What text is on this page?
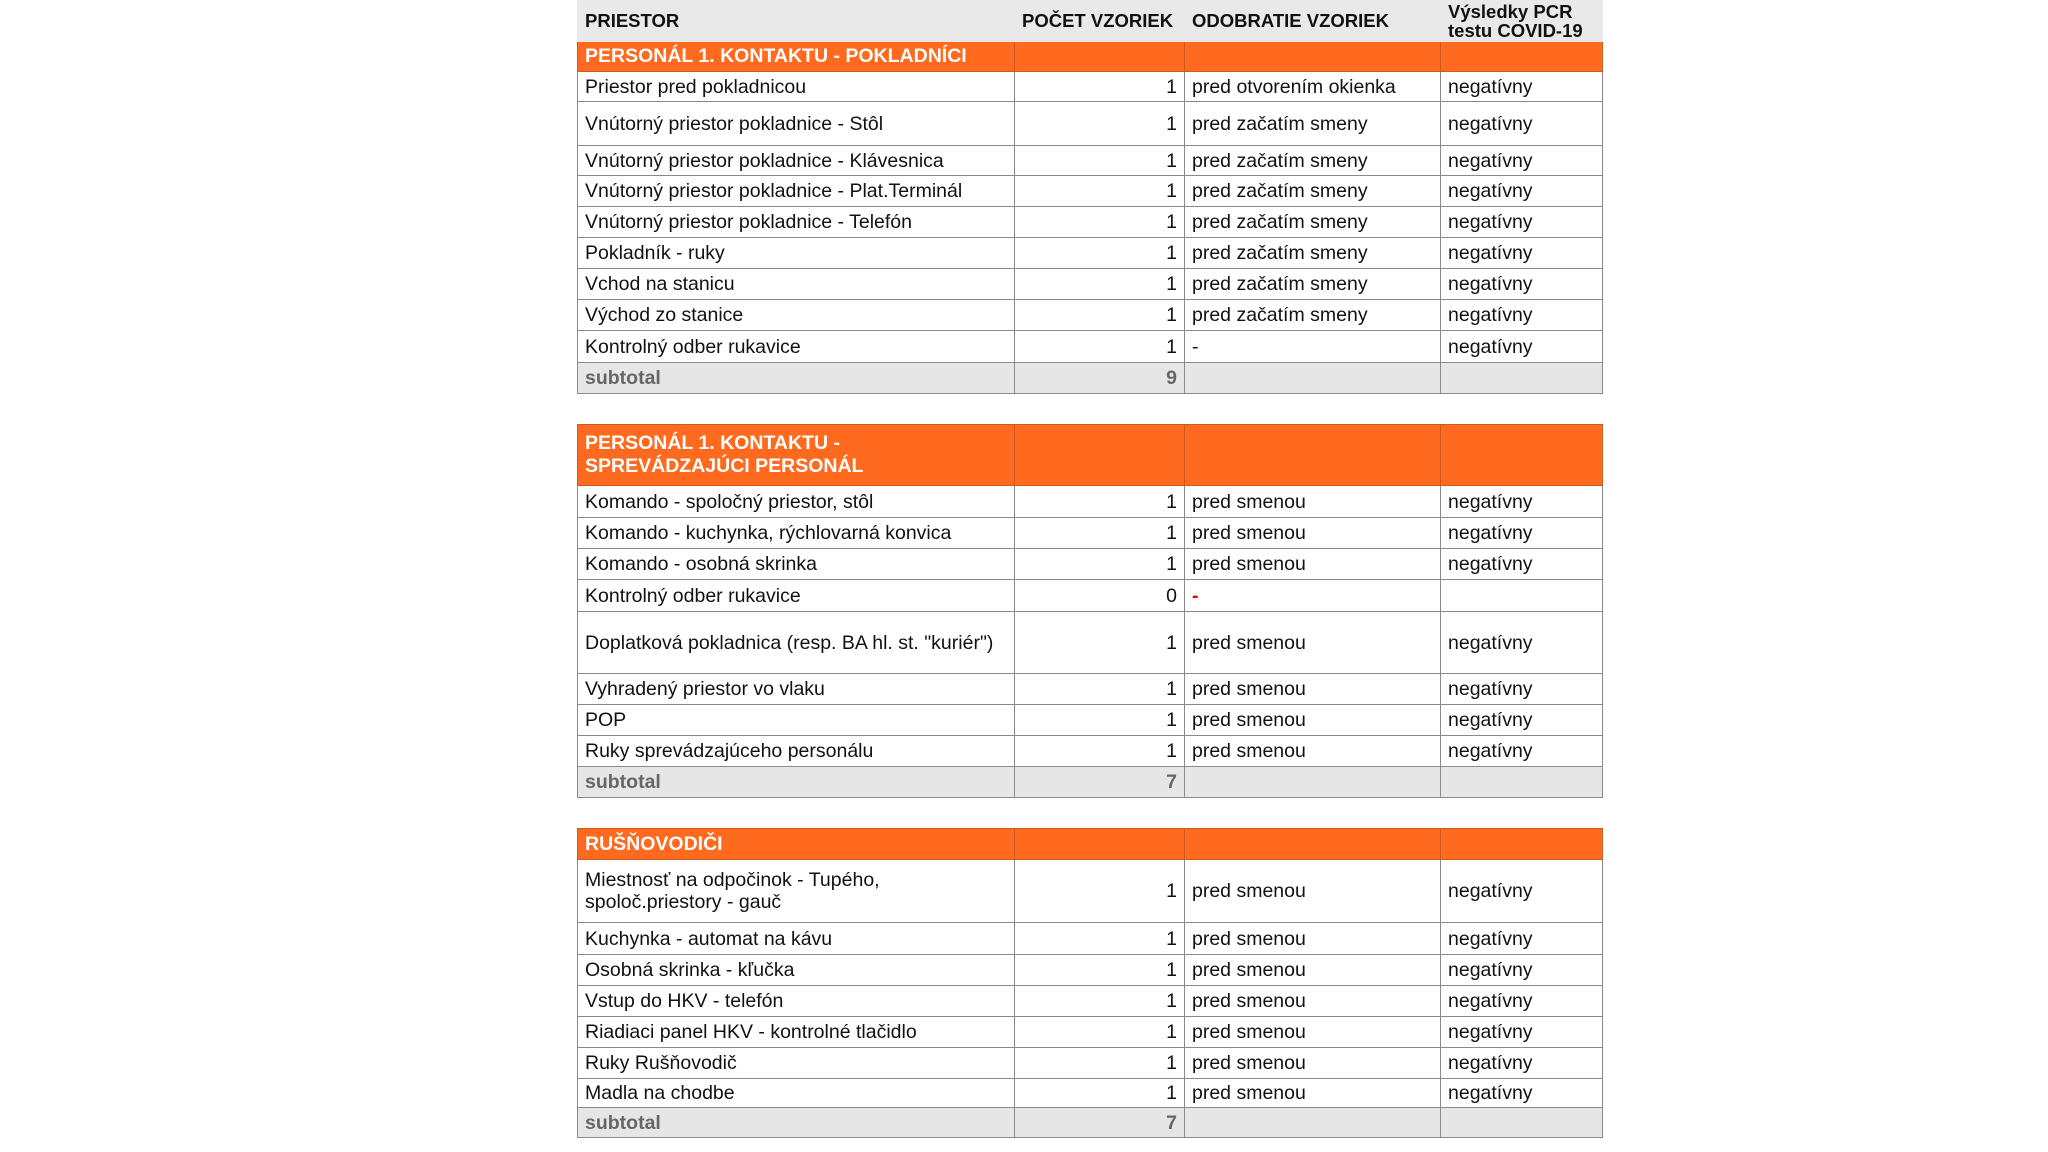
PRIESTOR	POČET VZORIEK	ODOBRATIE VZORIEK	Výsledky PCR
testu COVID-19
PERSONÁL 1. KONTAKTU - POKLADNÍCI			
Priestor pred pokladnicou	1	pred otvorením okienka	negatívny
Vnútorný priestor pokladnice - Stôl	1	pred začatím smeny	negatívny
Vnútorný priestor pokladnice - Klávesnica	1	pred začatím smeny	negatívny
Vnútorný priestor pokladnice - Plat.Terminál	1	pred začatím smeny	negatívny
Vnútorný priestor pokladnice - Telefón	1	pred začatím smeny	negatívny
Pokladník - ruky	1	pred začatím smeny	negatívny
Vchod na stanicu	1	pred začatím smeny	negatívny
Východ zo stanice	1	pred začatím smeny	negatívny
Kontrolný odber rukavice	1	-	negatívny
subtotal	9		

PERSONÁL 1. KONTAKTU -
SPREVÁDZAJÚCI PERSONÁL			
Komando - spoločný priestor, stôl	1	pred smenou	negatívny
Komando - kuchynka, rýchlovarná konvica	1	pred smenou	negatívny
Komando - osobná skrinka	1	pred smenou	negatívny
Kontrolný odber rukavice	0	-	
Doplatková pokladnica (resp. BA hl. st. "kuriér")	1	pred smenou	negatívny
Vyhradený priestor vo vlaku	1	pred smenou	negatívny
POP	1	pred smenou	negatívny
Ruky sprevádzajúceho personálu	1	pred smenou	negatívny
subtotal	7		

RUŠŇOVODIČI			
Miestnosť na odpočinok - Tupého,
spoloč.priestory - gauč	1	pred smenou	negatívny
Kuchynka - automat na kávu	1	pred smenou	negatívny
Osobná skrinka - kľučka	1	pred smenou	negatívny
Vstup do HKV - telefón	1	pred smenou	negatívny
Riadiaci panel HKV - kontrolné tlačidlo	1	pred smenou	negatívny
Ruky Rušňovodič	1	pred smenou	negatívny
Madla na chodbe	1	pred smenou	negatívny
subtotal	7		
